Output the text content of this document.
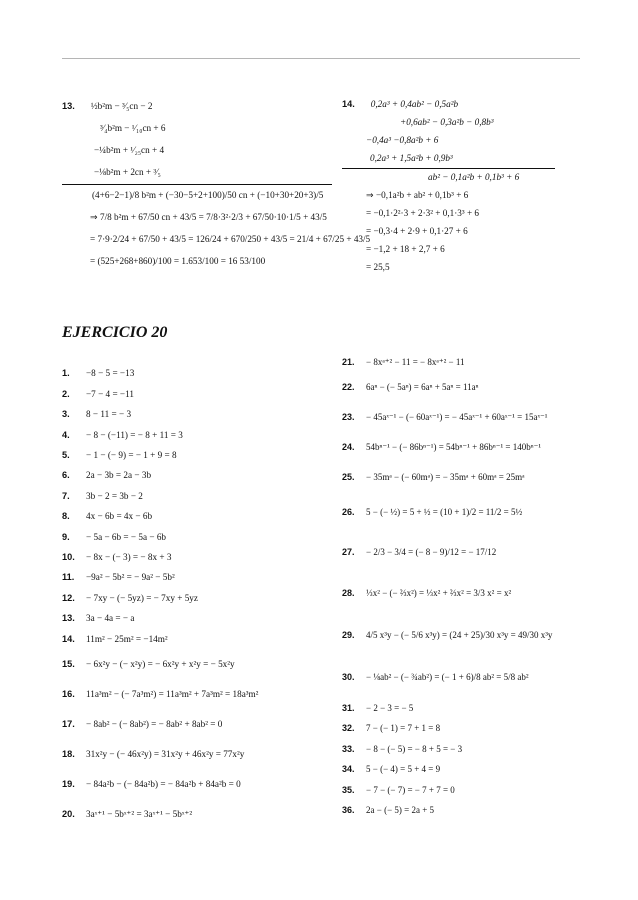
13. ½b²m − ³⁄₅cn − 2
³⁄₄b²m − ¹⁄₁₀cn + 6
−¼b²m + ¹⁄₂₅cn + 4
−⅛b²m + 2cn + ³⁄₅
(4+6−2−1)/8 b²m + (−30−5+2+100)/50 cn + (−10+30+20+3)/5
⇒ 7/8 b²m + 67/50 cn + 43/5 = 7/8·3²·2/3 + 67/50·10·1/5 + 43/5
= 7·9·2/24 + 67/50 + 43/5 = 126/24 + 670/250 + 43/5 = 21/4 + 67/25 + 43/5
= (525+268+860)/100 = 1.653/100 = 16 53/100
14. 0,2a³ + 0,4ab² − 0,5a²b
+0,6ab² − 0,3a²b − 0,8b³
−0,4a³ −0,8a²b + 6
0,2a³ + 1,5a²b + 0,9b³
ab² − 0,1a²b + 0,1b³ + 6
⇒ −0,1a²b + ab² + 0,1b³ + 6
= −0,1·2²·3 + 2·3² + 0,1·3³ + 6
= −0,3·4 + 2·9 + 0,1·27 + 6
= −1,2 + 18 + 2,7 + 6
= 25,5
EJERCICIO 20
1.	−8 − 5 = −13
2.	−7 − 4 = −11
3.	8 − 11 = − 3
4.	− 8 − (−11) = − 8 + 11 = 3
5.	− 1 − (− 9) = − 1 + 9 = 8
6.	2a − 3b = 2a − 3b
7.	3b − 2 = 3b − 2
8.	4x − 6b = 4x − 6b
9.	− 5a − 6b = − 5a − 6b
10.	− 8x − (− 3) = − 8x + 3
11.	−9a² − 5b² = − 9a² − 5b²
12.	− 7xy − (− 5yz) = − 7xy + 5yz
13.	3a − 4a = − a
14.	11m² − 25m² = −14m²
15.	− 6x²y − (− x²y) = − 6x²y + x²y = − 5x²y
16.	11a³m² − (− 7a³m²) = 11a³m² + 7a³m² = 18a³m²
17.	− 8ab² − (− 8ab²) = − 8ab² + 8ab² = 0
18.	31x²y − (− 46x²y) = 31x²y + 46x²y = 77x²y
19.	− 84a²b − (− 84a²b) = − 84a²b + 84a²b = 0
20.	3aˣ⁺¹ − 5bˣ⁺² = 3aˣ⁺¹ − 5bˣ⁺²
21.	− 8xᵃ⁺² − 11 = − 8xᵃ⁺² − 11
22.	6aⁿ − (− 5aⁿ) = 6aⁿ + 5aⁿ = 11aⁿ
23.	− 45aˣ⁻¹ − (− 60aˣ⁻¹) = − 45aˣ⁻¹ + 60aˣ⁻¹ = 15aˣ⁻¹
24.	54bⁿ⁻¹ − (− 86bⁿ⁻¹) = 54bⁿ⁻¹ + 86bⁿ⁻¹ = 140bⁿ⁻¹
25.	− 35mᵃ − (− 60mᵃ) = − 35mᵃ + 60mᵃ = 25mᵃ
26.	5 − (− ½) = 5 + ½ = (10 + 1)/2 = 11/2 = 5½
27.	− 2/3 − 3/4 = (− 8 − 9)/12 = − 17/12
28.	⅓x² − (− ⅔x²) = ⅓x² + ⅔x² = 3/3 x² = x²
29.	4/5 x³y − (− 5/6 x³y) = (24 + 25)/30 x³y = 49/30 x³y
30.	− ⅛ab² − (− ¾ab²) = (− 1 + 6)/8 ab² = 5/8 ab²
31.	− 2 − 3 = − 5
32.	7 − (− 1) = 7 + 1 = 8
33.	− 8 − (− 5) = − 8 + 5 = − 3
34.	5 − (− 4) = 5 + 4 = 9
35.	− 7 − (− 7) = − 7 + 7 = 0
36.	2a − (− 5) = 2a + 5
